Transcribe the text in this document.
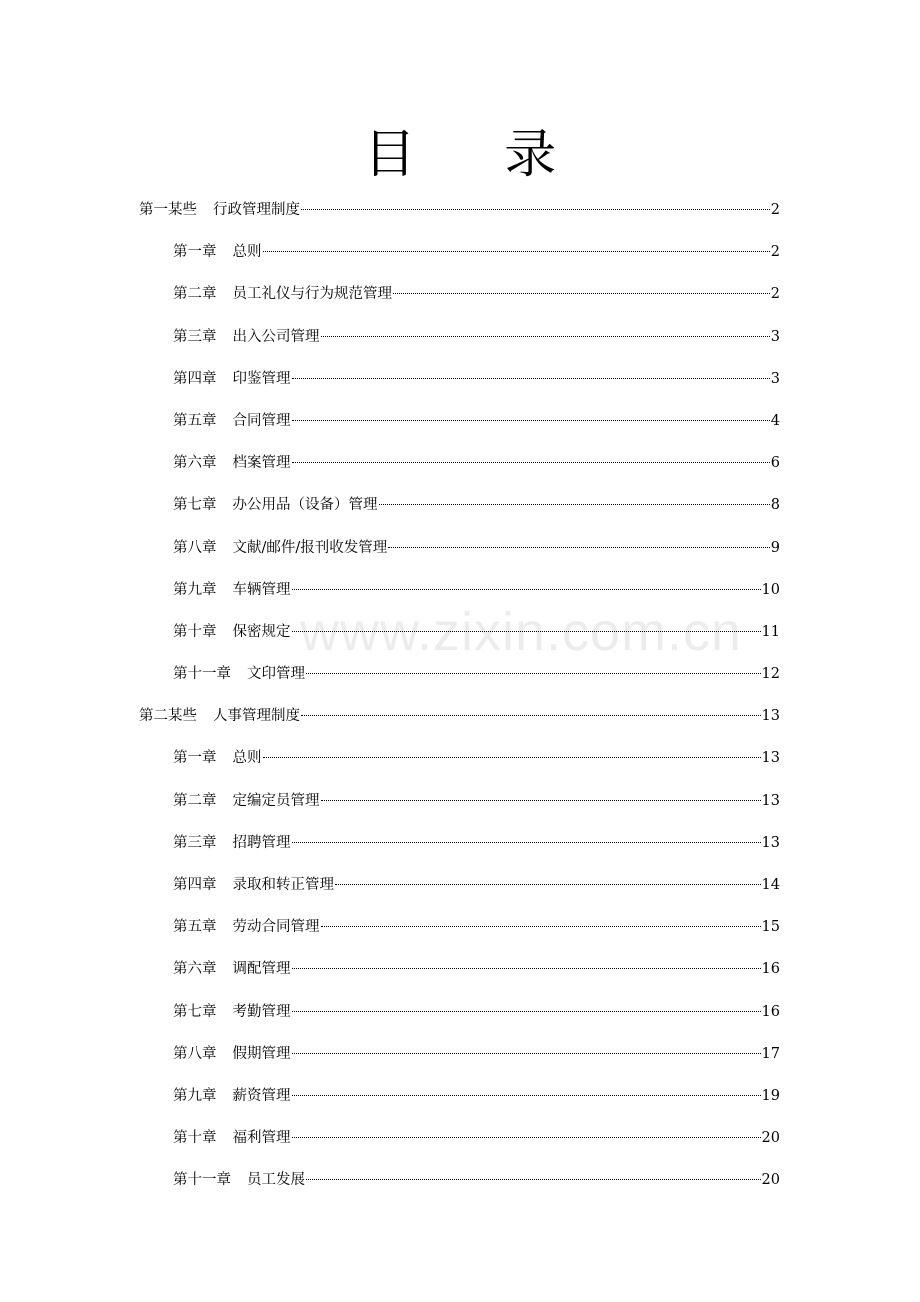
目 录
www.zixin.com.cn
第一某些 行政管理制度	2
第一章 总则	2
第二章 员工礼仪与行为规范管理	2
第三章 出入公司管理	3
第四章 印鉴管理	3
第五章 合同管理	4
第六章 档案管理	6
第七章 办公用品（设备）管理	8
第八章 文献/邮件/报刊收发管理	9
第九章 车辆管理	10
第十章 保密规定	11
第十一章 文印管理	12
第二某些 人事管理制度	13
第一章 总则	13
第二章 定编定员管理	13
第三章 招聘管理	13
第四章 录取和转正管理	14
第五章 劳动合同管理	15
第六章 调配管理	16
第七章 考勤管理	16
第八章 假期管理	17
第九章 薪资管理	19
第十章 福利管理	20
第十一章 员工发展	20
